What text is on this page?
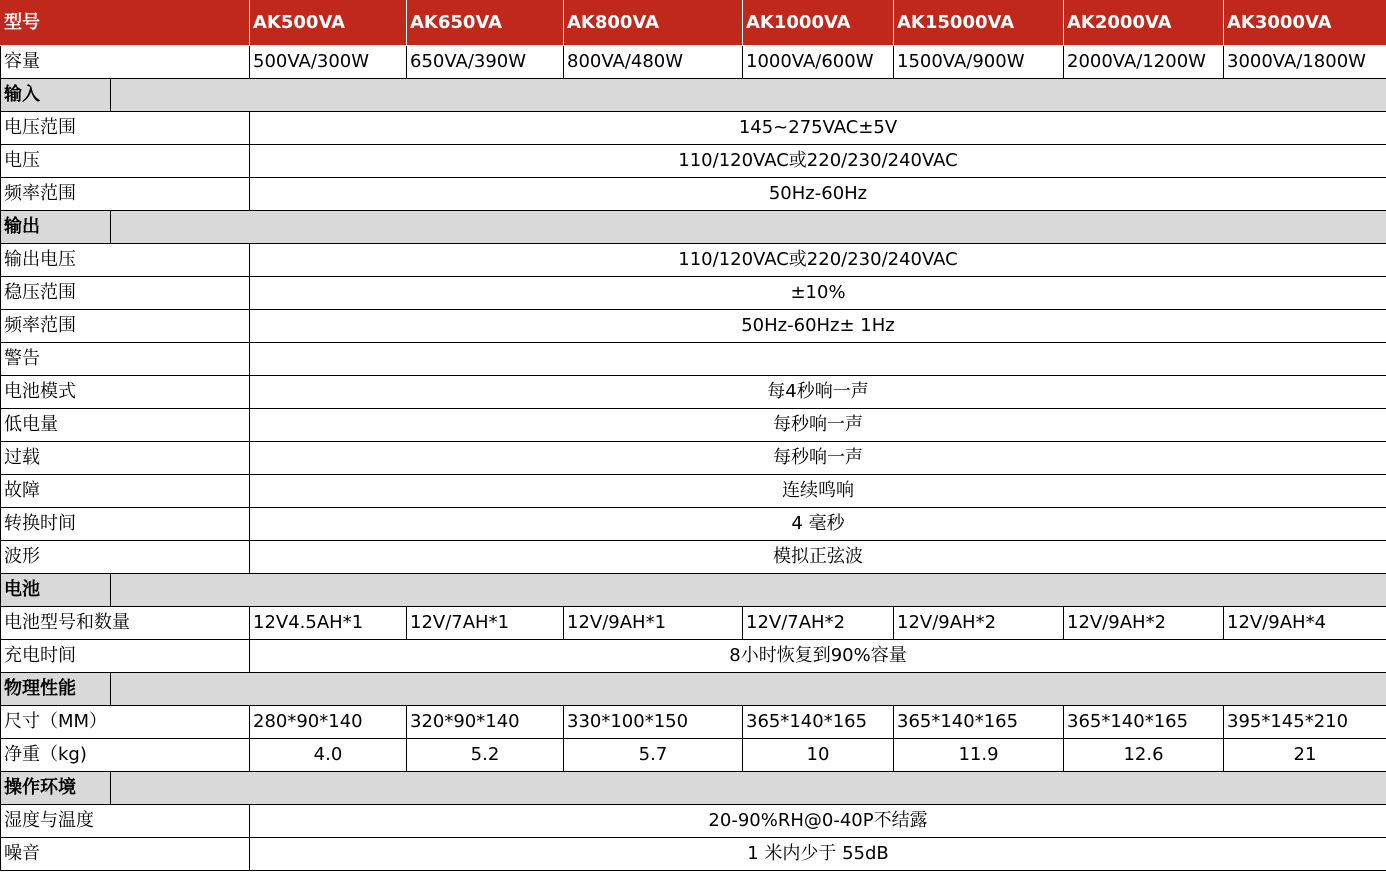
型号		AK500VA	AK650VA	AK800VA	AK1000VA	AK15000VA	AK2000VA	AK3000VA
容量		500VA/300W	650VA/390W	800VA/480W	1000VA/600W	1500VA/900W	2000VA/1200W	3000VA/1800W
输入								
电压范围		145~275VAC±5V						
电压		110/120VAC或220/230/240VAC						
频率范围		50Hz-60Hz						
输出								
输出电压		110/120VAC或220/230/240VAC						
稳压范围		±10%						
频率范围		50Hz-60Hz± 1Hz						
警告								
电池模式		每4秒响一声						
低电量		每秒响一声						
过载		每秒响一声						
故障		连续鸣响						
转换时间		4 毫秒						
波形		模拟正弦波						
电池								
电池型号和数量		12V4.5AH*1	12V/7AH*1	12V/9AH*1	12V/7AH*2	12V/9AH*2	12V/9AH*2	12V/9AH*4
充电时间		8小时恢复到90%容量						
物理性能								
尺寸（MM）		280*90*140	320*90*140	330*100*150	365*140*165	365*140*165	365*140*165	395*145*210
净重（kg)		4.0	5.2	5.7	10	11.9	12.6	21
操作环境								
湿度与温度		20-90%RH@0-40P不结露						
噪音		1 米内少于 55dB						
